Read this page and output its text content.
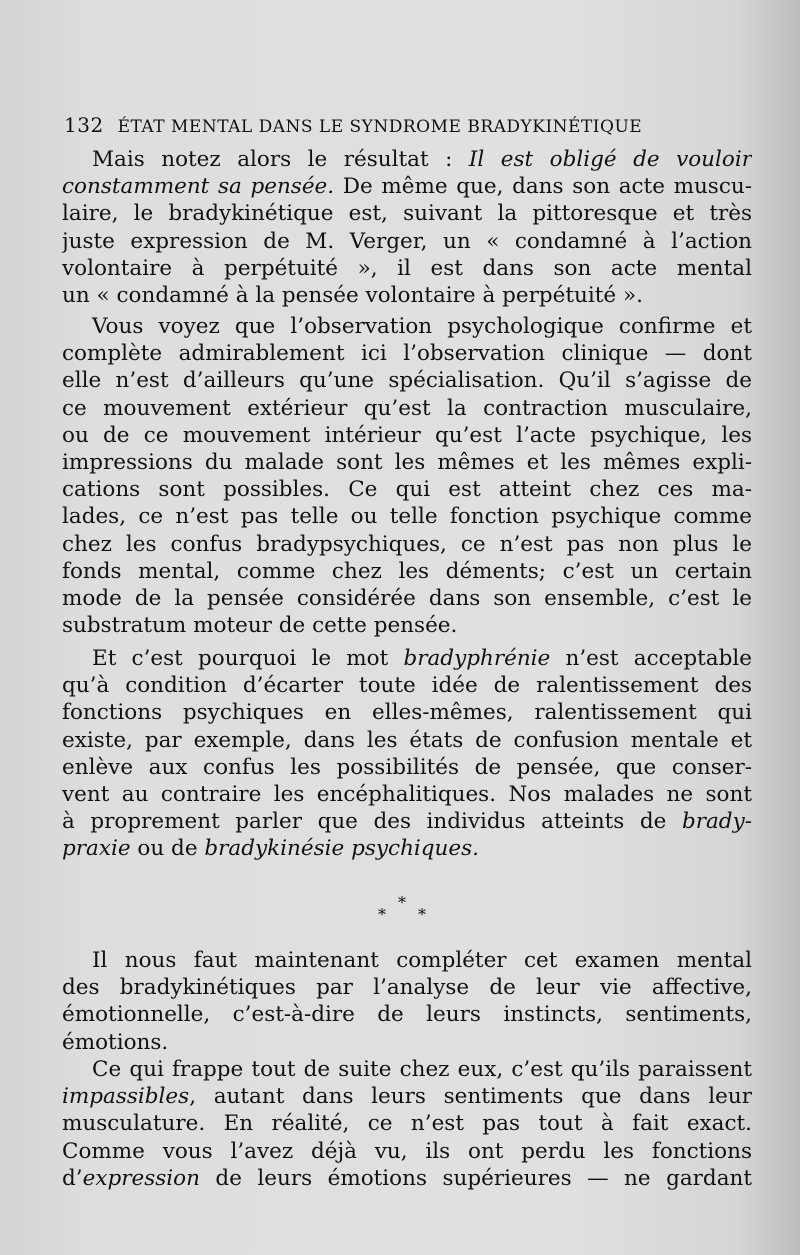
132 ÉTAT MENTAL DANS LE SYNDROME BRADYKINÉTIQUE
Mais notez alors le résultat : Il est obligé de vouloir
constamment sa pensée. De même que, dans son acte muscu-
laire, le bradykinétique est, suivant la pittoresque et très
juste expression de M. Verger, un « condamné à l’action
volontaire à perpétuité », il est dans son acte mental
un « condamné à la pensée volontaire à perpétuité ».
Vous voyez que l’observation psychologique confirme et
complète admirablement ici l’observation clinique — dont
elle n’est d’ailleurs qu’une spécialisation. Qu’il s’agisse de
ce mouvement extérieur qu’est la contraction musculaire,
ou de ce mouvement intérieur qu’est l’acte psychique, les
impressions du malade sont les mêmes et les mêmes expli-
cations sont possibles. Ce qui est atteint chez ces ma-
lades, ce n’est pas telle ou telle fonction psychique comme
chez les confus bradypsychiques, ce n’est pas non plus le
fonds mental, comme chez les déments; c’est un certain
mode de la pensée considérée dans son ensemble, c’est le
substratum moteur de cette pensée.
Et c’est pourquoi le mot bradyphrénie n’est acceptable
qu’à condition d’écarter toute idée de ralentissement des
fonctions psychiques en elles-mêmes, ralentissement qui
existe, par exemple, dans les états de confusion mentale et
enlève aux confus les possibilités de pensée, que conser-
vent au contraire les encéphalitiques. Nos malades ne sont
à proprement parler que des individus atteints de brady-
praxie ou de bradykinésie psychiques.
*
* *
Il nous faut maintenant compléter cet examen mental
des bradykinétiques par l’analyse de leur vie affective,
émotionnelle, c’est-à-dire de leurs instincts, sentiments,
émotions.
Ce qui frappe tout de suite chez eux, c’est qu’ils paraissent
impassibles, autant dans leurs sentiments que dans leur
musculature. En réalité, ce n’est pas tout à fait exact.
Comme vous l’avez déjà vu, ils ont perdu les fonctions
d’expression de leurs émotions supérieures — ne gardant
